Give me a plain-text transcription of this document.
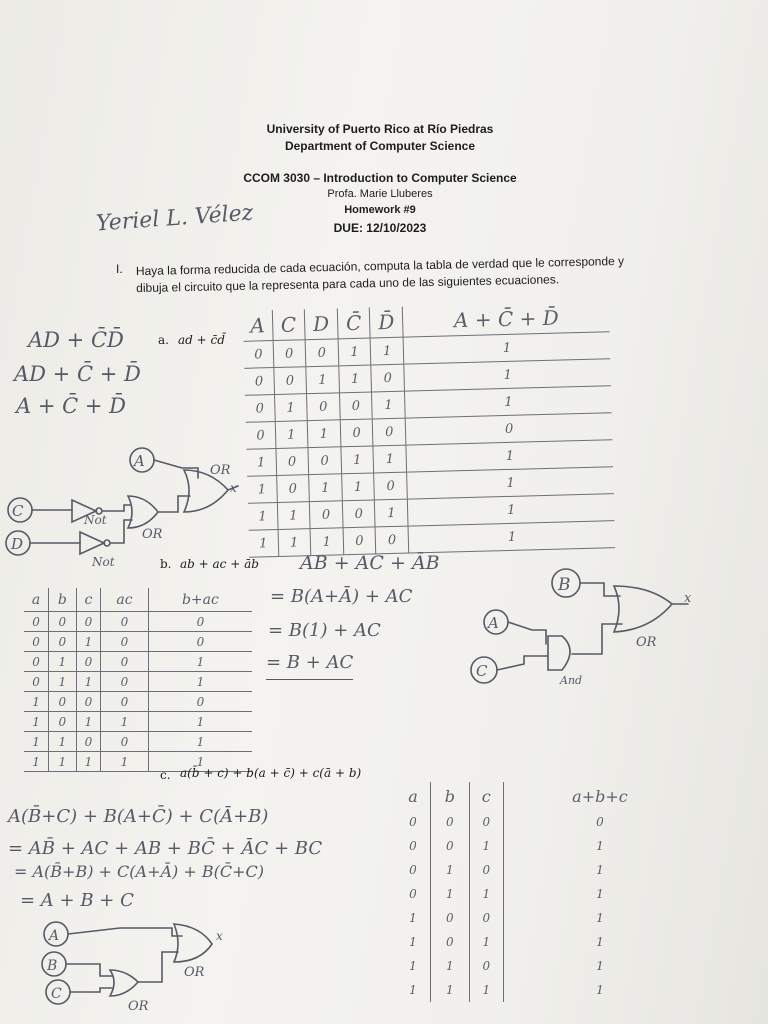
University of Puerto Rico at Río Piedras
Department of Computer Science
CCOM 3030 – Introduction to Computer Science
Profa. Marie Lluberes
Homework #9
DUE: 12/10/2023
Yeriel L. Vélez
I. Haya la forma reducida de cada ecuación, computa la tabla de verdad que le corresponde y dibuja el circuito que la representa para cada uno de las siguientes ecuaciones.
a. ad + c̄d̄
AD + C̄D̄
AD + C̄ + D̄
A + C̄ + D̄
A	C	D	C̄	D̄	A + C̄ + D̄
0	0	0	1	1	1
0	0	1	1	0	1
0	1	0	0	1	1
0	1	1	0	0	0
1	0	0	1	1	1
1	0	1	1	0	1
1	1	0	0	1	1
1	1	1	0	0	1
b. ab + ac + āb AB + AC + ĀB
= B(A+Ā) + AC
= B(1) + AC
= B + AC
a	b	c	ac	b+ac
0	0	0	0	0
0	0	1	0	0
0	1	0	0	1
0	1	1	0	1
1	0	0	0	0
1	0	1	1	1
1	1	0	0	1
1	1	1	1	1
c. a(b̄ + c) + b(a + c̄) + c(ā + b)
A(B̄+C) + B(A+C̄) + C(Ā+B)
= AB̄ + AC + AB + BC̄ + ĀC + BC
= A(B̄+B) + C(A+Ā) + B(C̄+C)
= A + B + C
a	b	c	a+b+c
0	0	0	0
0	0	1	1
0	1	0	1
0	1	1	1
1	0	0	1
1	0	1	1
1	1	0	1
1	1	1	1
A
C
D
Not
Not
OR
OR
x
B
A
C
And
OR
x
A
B
C
OR
OR
x
